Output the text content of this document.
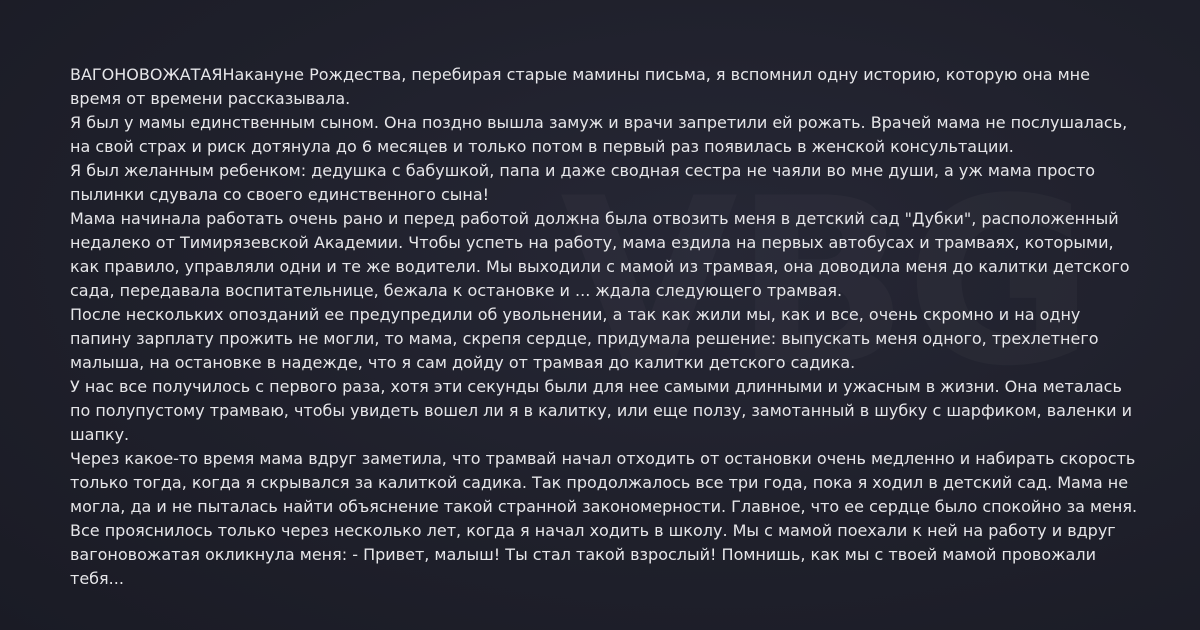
ВАГОНОВОЖАТАЯНакануне Рождества, перебирая старые мамины письма, я вспомнил одну историю, которую она мне время от времени рассказывала.

Я был у мамы единственным сыном. Она поздно вышла замуж и врачи запретили ей рожать. Врачей мама не послушалась, на свой страх и риск дотянула до 6 месяцев и только потом в первый раз появилась в женской консультации.

Я был желанным ребенком: дедушка с бабушкой, папа и даже сводная сестра не чаяли во мне души, а уж мама просто пылинки сдувала со своего единственного сына!

Мама начинала работать очень рано и перед работой должна была отвозить меня в детский сад "Дубки", расположенный недалеко от Тимирязевской Академии. Чтобы успеть на работу, мама ездила на первых автобусах и трамваях, которыми, как правило, управляли одни и те же водители. Мы выходили с мамой из трамвая, она доводила меня до калитки детского сада, передавала воспитательнице, бежала к остановке и ... ждала следующего трамвая.

После нескольких опозданий ее предупредили об увольнении, а так как жили мы, как и все, очень скромно и на одну папину зарплату прожить не могли, то мама, скрепя сердце, придумала решение: выпускать меня одного, трехлетнего малыша, на остановке в надежде, что я сам дойду от трамвая до калитки детского садика.

У нас все получилось с первого раза, хотя эти секунды были для нее самыми длинными и ужасным в жизни. Она металась по полупустому трамваю, чтобы увидеть вошел ли я в калитку, или еще ползу, замотанный в шубку с шарфиком, валенки и шапку.

Через какое-то время мама вдруг заметила, что трамвай начал отходить от остановки очень медленно и набирать скорость только тогда, когда я скрывался за калиткой садика. Так продолжалось все три года, пока я ходил в детский сад. Мама не могла, да и не пыталась найти объяснение такой странной закономерности. Главное, что ее сердце было спокойно за меня.

Все прояснилось только через несколько лет, когда я начал ходить в школу. Мы с мамой поехали к ней на работу и вдруг вагоновожатая окликнула меня: - Привет, малыш! Ты стал такой взрослый! Помнишь, как мы с твоей мамой провожали тебя...
